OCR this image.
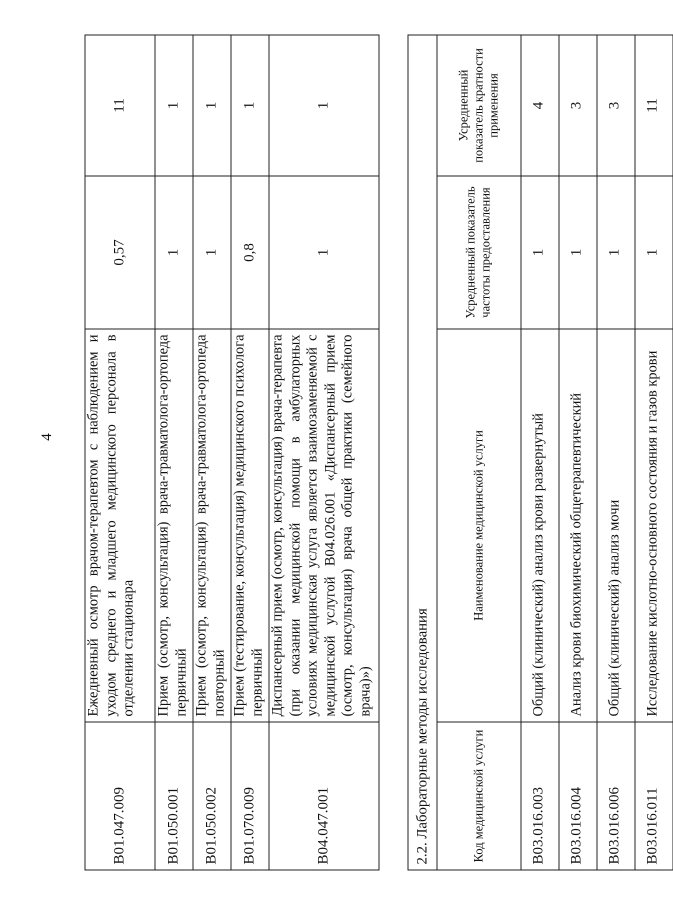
4
B01.047.009	Ежедневный осмотр врачом-терапевтом с наблюдением и уходом среднего и младшего медицинского персонала в отделении стационара	0,57	11
B01.050.001	Прием (осмотр, консультация) врача-травматолога-ортопеда первичный	1	1
B01.050.002	Прием (осмотр, консультация) врача-травматолога-ортопеда повторный	1	1
B01.070.009	Прием (тестирование, консультация) медицинского психолога первичный	0,8	1
B04.047.001	Диспансерный прием (осмотр, консультация) врача-терапевта (при оказании медицинской помощи в амбулаторных условиях медицинская услуга является взаимозаменяемой с медицинской услугой B04.026.001 «Диспансерный прием (осмотр, консультация) врача общей практики (семейного врача)»)	1	1
2.2. Лабораторные методы исследования			
Код медицинской услуги	Наименование медицинской услуги	Усредненный показатель частоты предоставления	Усредненный показатель кратности применения
B03.016.003	Общий (клинический) анализ крови развернутый	1	4
B03.016.004	Анализ крови биохимический общетерапевтический	1	3
B03.016.006	Общий (клинический) анализ мочи	1	3
B03.016.011	Исследование кислотно-основного состояния и газов крови	1	11
